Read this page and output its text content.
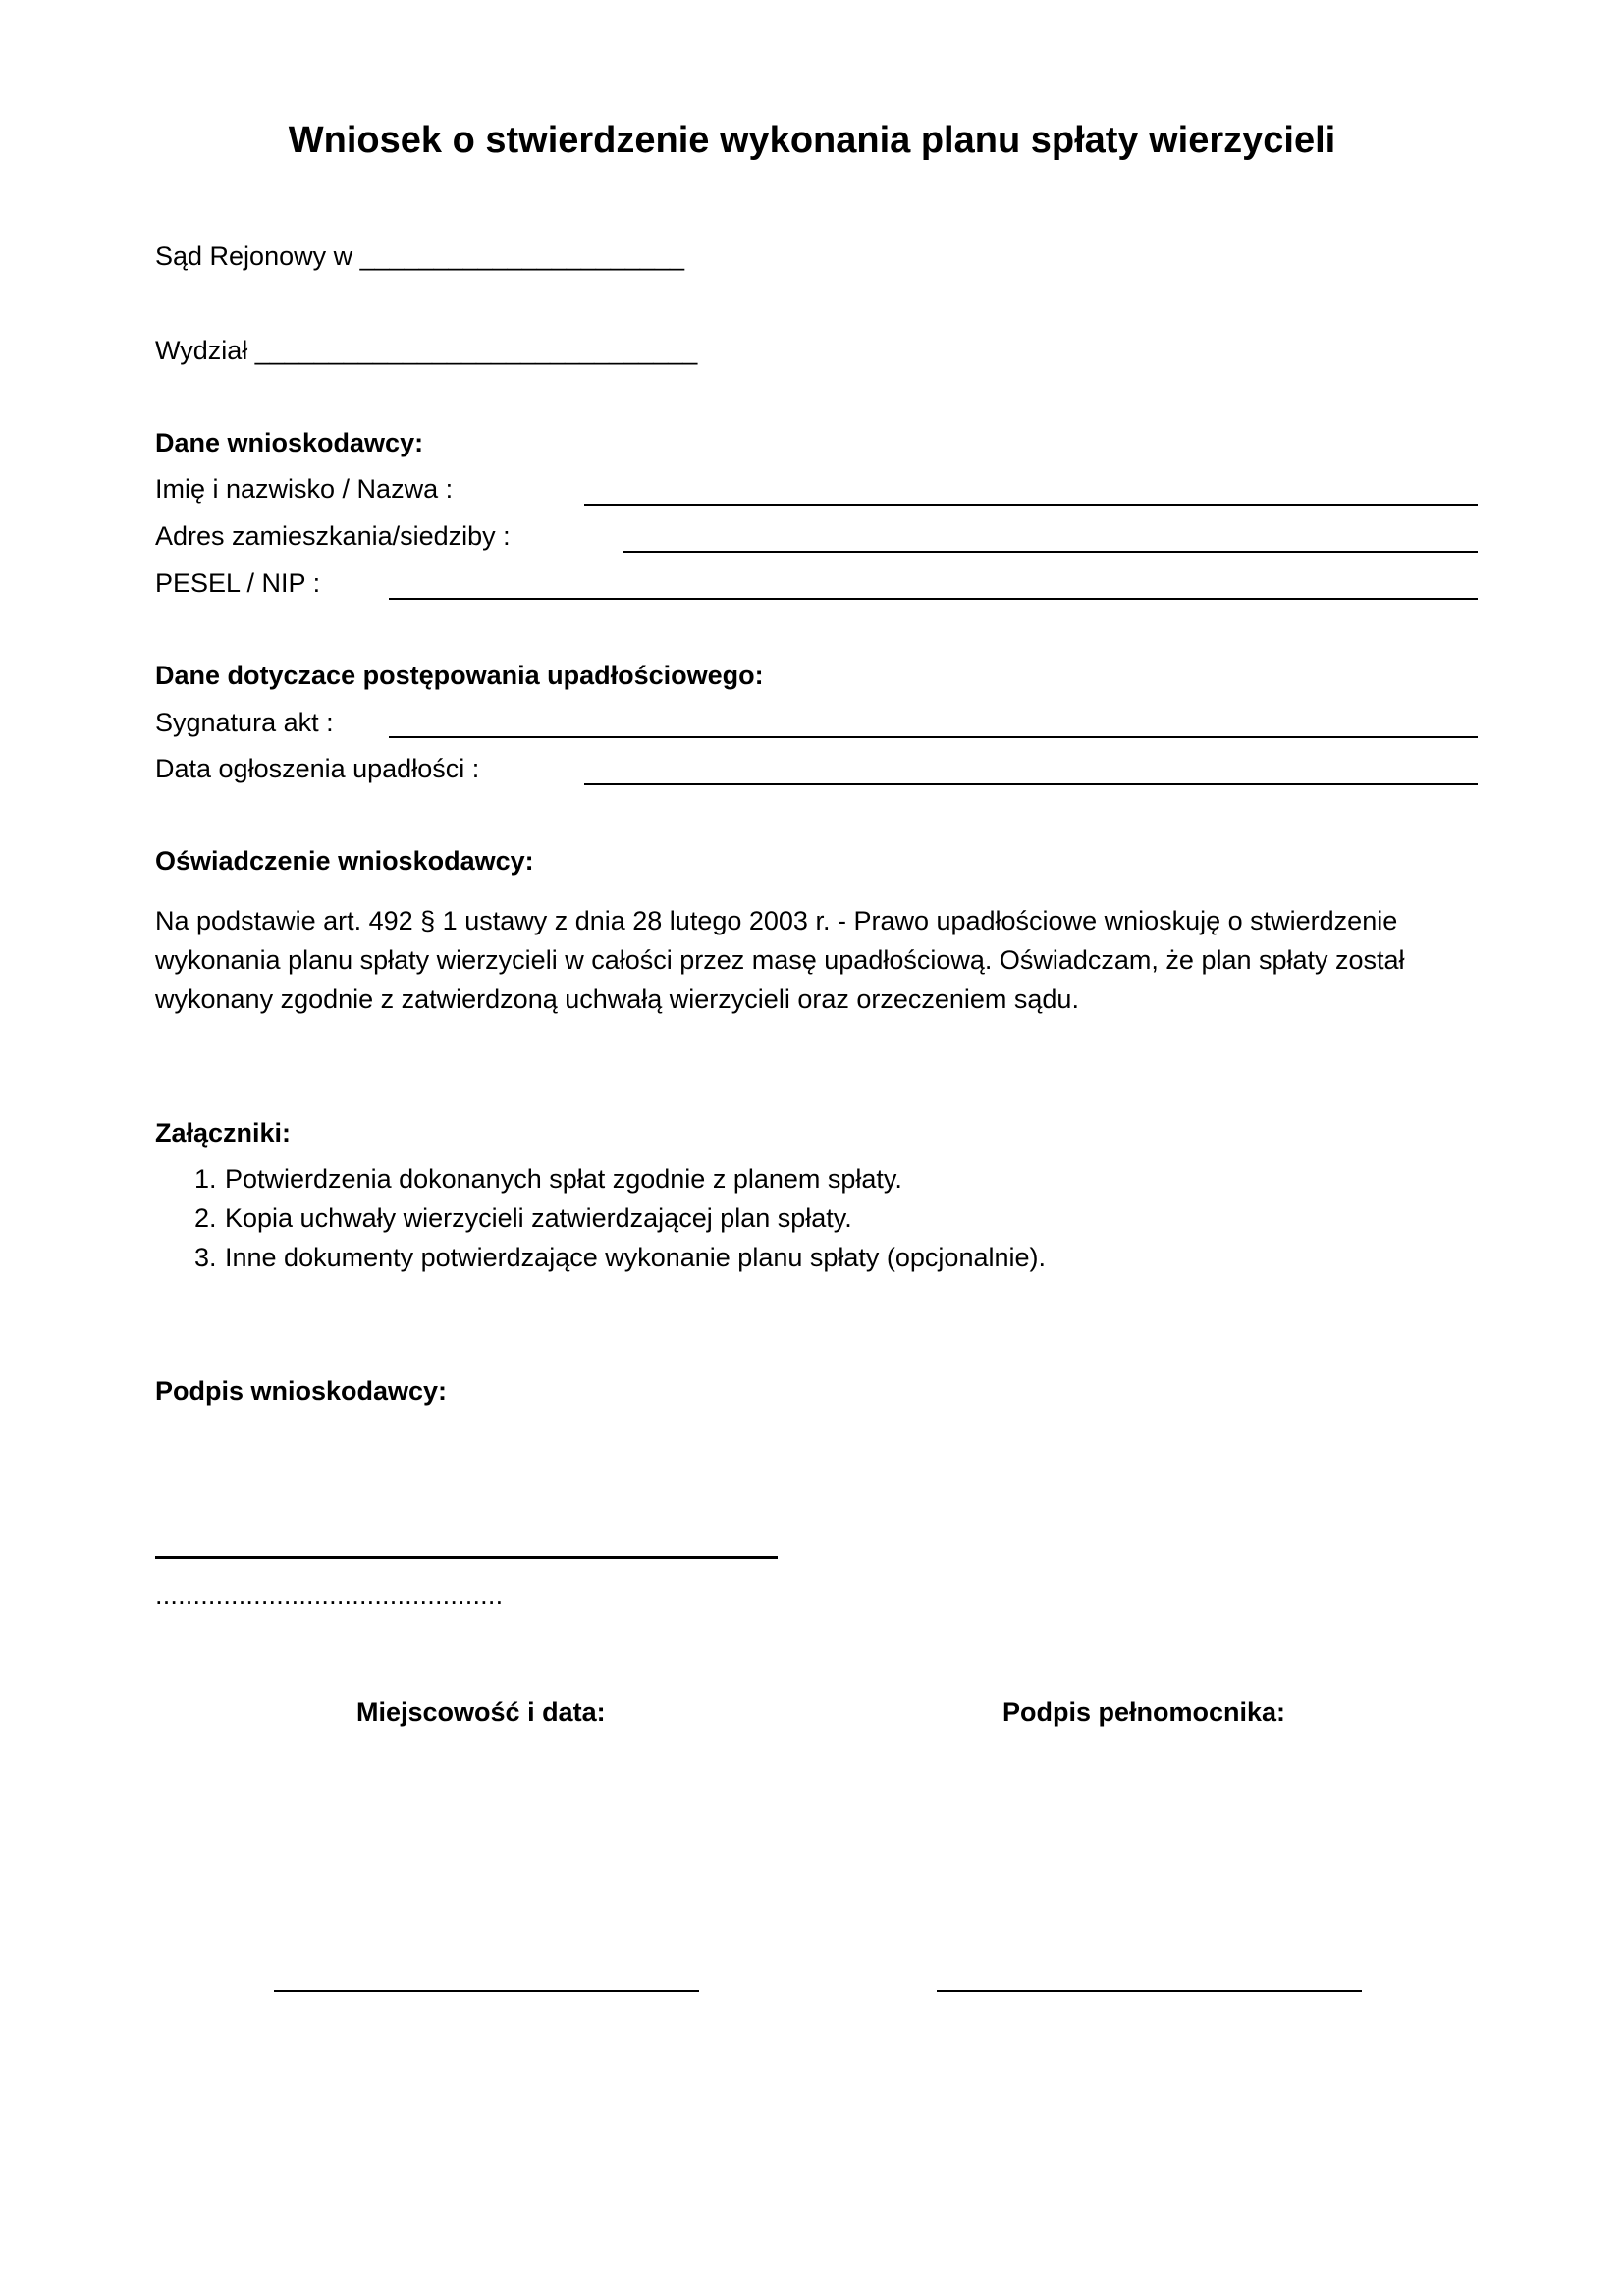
Wniosek o stwierdzenie wykonania planu spłaty wierzycieli
Sąd Rejonowy w ______________________
Wydział ______________________________
Dane wnioskodawcy:
Imię i nazwisko / Nazwa :
Adres zamieszkania/siedziby :
PESEL / NIP :
Dane dotyczace postępowania upadłościowego:
Sygnatura akt :
Data ogłoszenia upadłości :
Oświadczenie wnioskodawcy:
Na podstawie art. 492 § 1 ustawy z dnia 28 lutego 2003 r. - Prawo upadłościowe wnioskuję o stwierdzenie
wykonania planu spłaty wierzycieli w całości przez masę upadłościową. Oświadczam, że plan spłaty został
wykonany zgodnie z zatwierdzoną uchwałą wierzycieli oraz orzeczeniem sądu.
Załączniki:
1. Potwierdzenia dokonanych spłat zgodnie z planem spłaty.
2. Kopia uchwały wierzycieli zatwierdzającej plan spłaty.
3. Inne dokumenty potwierdzające wykonanie planu spłaty (opcjonalnie).
Podpis wnioskodawcy:
..............................................
Miejscowość i data:	Podpis pełnomocnika:
